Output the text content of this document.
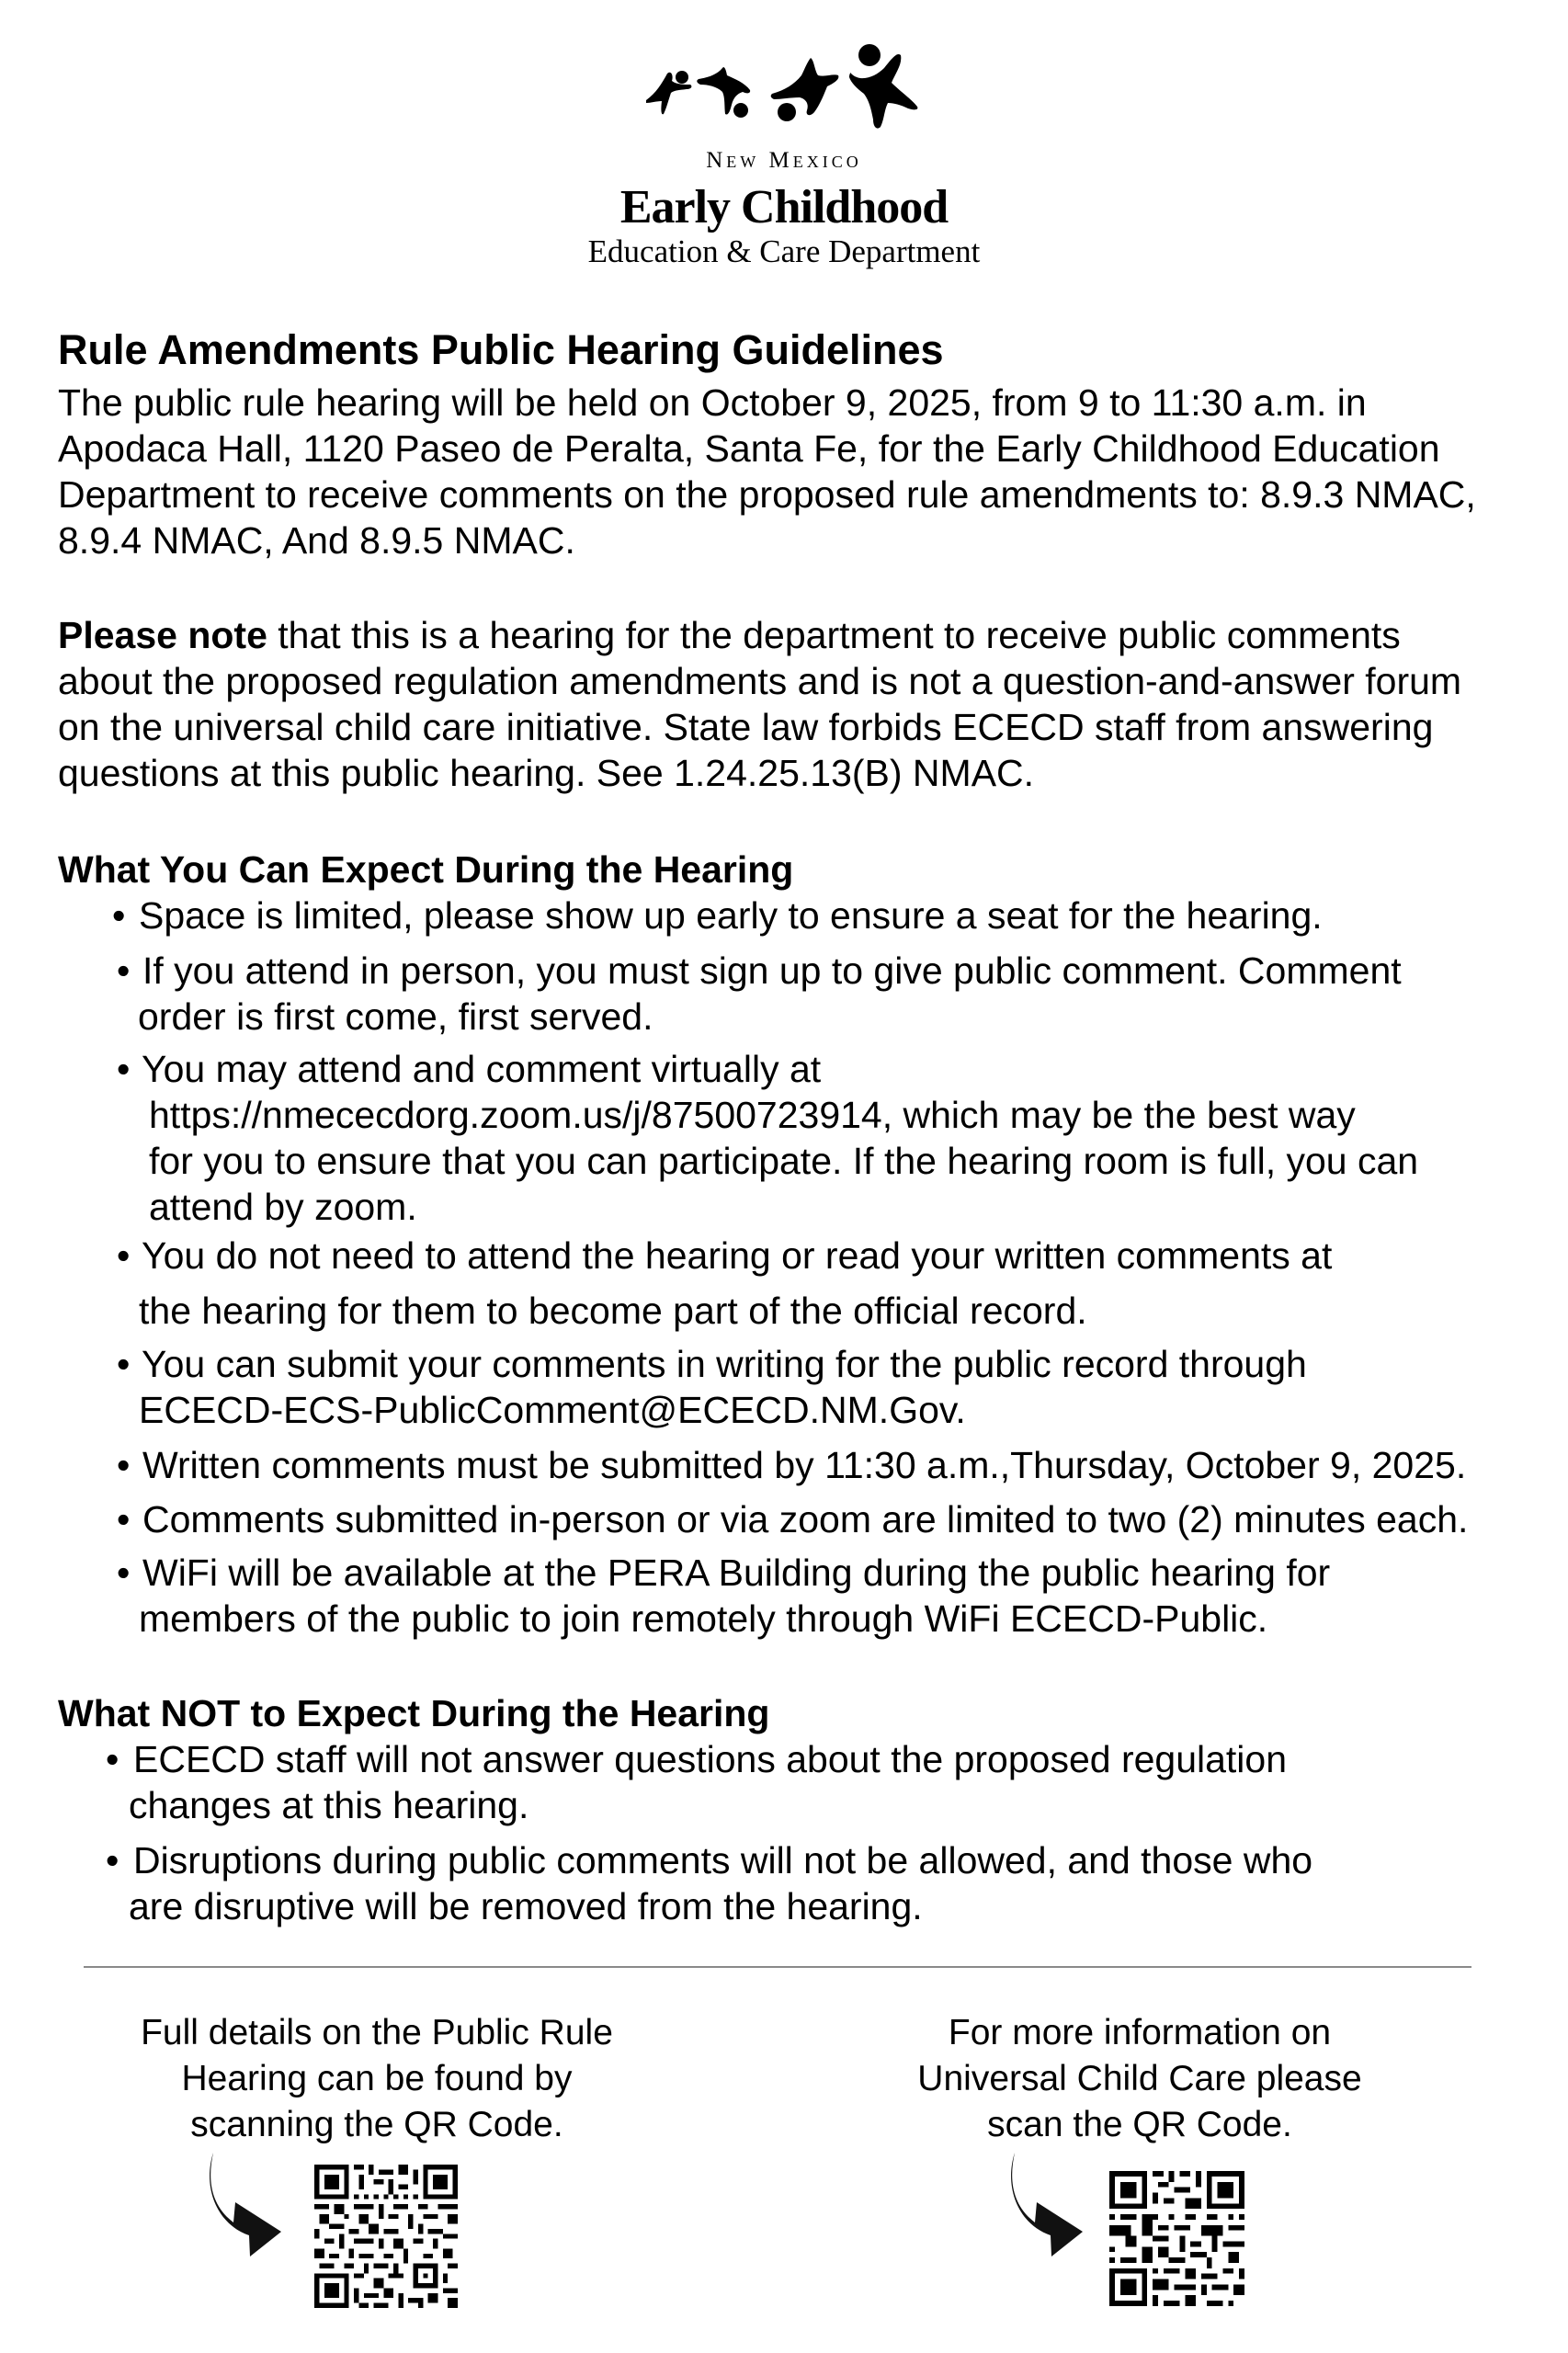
New Mexico
Early Childhood
Education & Care Department
Rule Amendments Public Hearing Guidelines
The public rule hearing will be held on October 9, 2025, from 9 to 11:30 a.m. in
Apodaca Hall, 1120 Paseo de Peralta, Santa Fe, for the Early Childhood Education
Department to receive comments on the proposed rule amendments to: 8.9.3 NMAC,
8.9.4 NMAC, And 8.9.5 NMAC.
Please note that this is a hearing for the department to receive public comments
about the proposed regulation amendments and is not a question-and-answer forum
on the universal child care initiative. State law forbids ECECD staff from answering
questions at this public hearing. See 1.24.25.13(B) NMAC.
What You Can Expect During the Hearing
• Space is limited, please show up early to ensure a seat for the hearing.
• If you attend in person, you must sign up to give public comment. Comment
order is first come, first served.
• You may attend and comment virtually at
https://nmececdorg.zoom.us/j/87500723914, which may be the best way
for you to ensure that you can participate. If the hearing room is full, you can
attend by zoom.
• You do not need to attend the hearing or read your written comments at
the hearing for them to become part of the official record.
• You can submit your comments in writing for the public record through
ECECD-ECS-PublicComment@ECECD.NM.Gov.
• Written comments must be submitted by 11:30 a.m.,Thursday, October 9, 2025.
• Comments submitted in-person or via zoom are limited to two (2) minutes each.
• WiFi will be available at the PERA Building during the public hearing for
members of the public to join remotely through WiFi ECECD-Public.
What NOT to Expect During the Hearing
• ECECD staff will not answer questions about the proposed regulation
changes at this hearing.
• Disruptions during public comments will not be allowed, and those who
are disruptive will be removed from the hearing.
Full details on the Public Rule
Hearing can be found by
scanning the QR Code.
For more information on
Universal Child Care please
scan the QR Code.
